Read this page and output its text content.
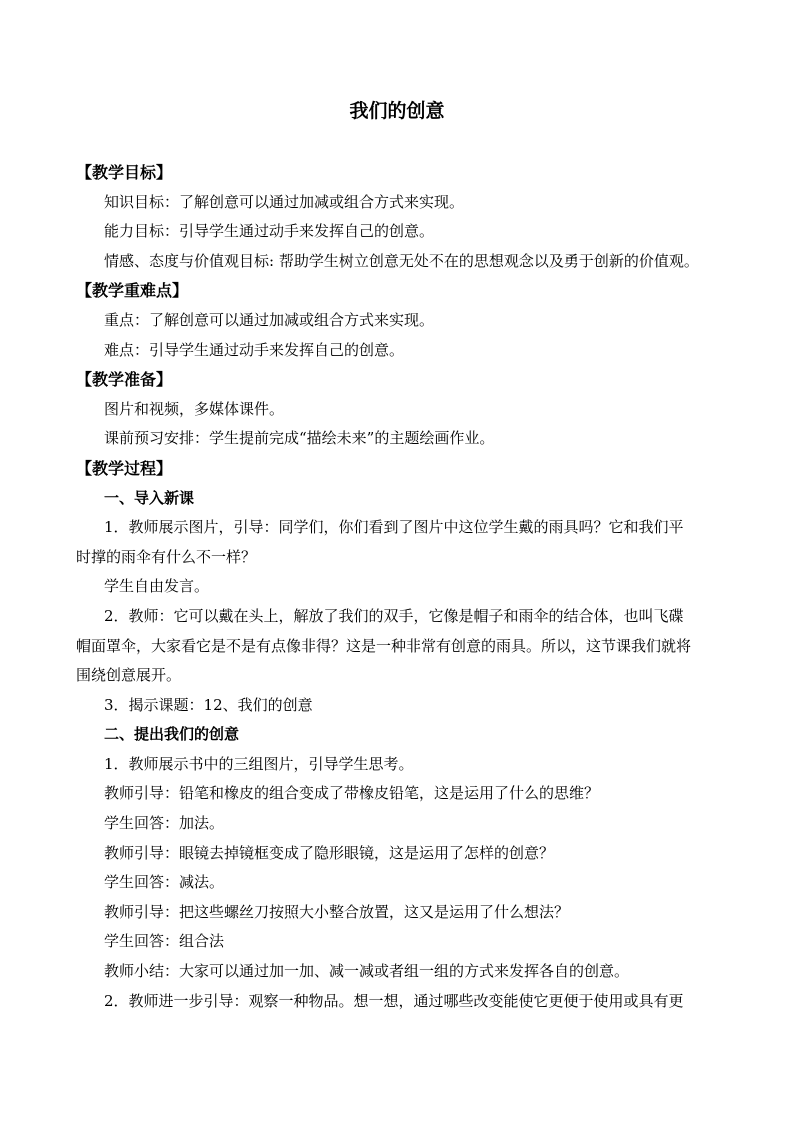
我们的创意
【教学目标】
知识目标：了解创意可以通过加减或组合方式来实现。
能力目标：引导学生通过动手来发挥自己的创意。
情感、态度与价值观目标: 帮助学生树立创意无处不在的思想观念以及勇于创新的价值观。
【教学重难点】
重点：了解创意可以通过加减或组合方式来实现。
难点：引导学生通过动手来发挥自己的创意。
【教学准备】
图片和视频，多媒体课件。
课前预习安排：学生提前完成“描绘未来”的主题绘画作业。
【教学过程】
一、导入新课
1．教师展示图片，引导：同学们，你们看到了图片中这位学生戴的雨具吗？它和我们平
时撑的雨伞有什么不一样？
学生自由发言。
2．教师：它可以戴在头上，解放了我们的双手，它像是帽子和雨伞的结合体，也叫飞碟
帽面罩伞，大家看它是不是有点像非得？这是一种非常有创意的雨具。所以，这节课我们就将
围绕创意展开。
3．揭示课题：12、我们的创意
二、提出我们的创意
1．教师展示书中的三组图片，引导学生思考。
教师引导：铅笔和橡皮的组合变成了带橡皮铅笔，这是运用了什么的思维？
学生回答：加法。
教师引导：眼镜去掉镜框变成了隐形眼镜，这是运用了怎样的创意？
学生回答：减法。
教师引导：把这些螺丝刀按照大小整合放置，这又是运用了什么想法？
学生回答：组合法
教师小结：大家可以通过加一加、减一减或者组一组的方式来发挥各自的创意。
2．教师进一步引导：观察一种物品。想一想，通过哪些改变能使它更便于使用或具有更
